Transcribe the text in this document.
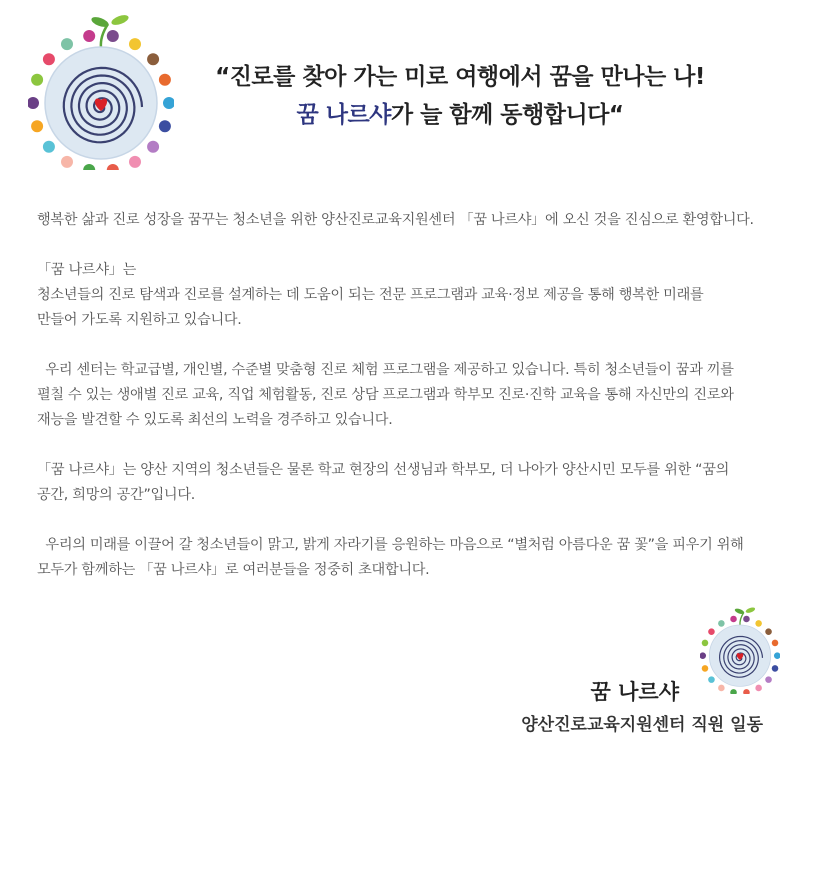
“진로를 찾아 가는 미로 여행에서 꿈을 만나는 나!
꿈 나르샤가 늘 함께 동행합니다“

행복한 삶과 진로 성장을 꿈꾸는 청소년을 위한 양산진로교육지원센터 「꿈 나르샤」에 오신 것을 진심으로 환영합니다.

「꿈 나르샤」는

청소년들의 진로 탐색과 진로를 설계하는 데 도움이 되는 전문 프로그램과 교육·정보 제공을 통해 행복한 미래를

만들어 가도록 지원하고 있습니다.

우리 센터는 학교급별, 개인별, 수준별 맞춤형 진로 체험 프로그램을 제공하고 있습니다. 특히 청소년들이 꿈과 끼를

펼칠 수 있는 생애별 진로 교육, 직업 체험활동, 진로 상담 프로그램과 학부모 진로·진학 교육을 통해 자신만의 진로와

재능을 발견할 수 있도록 최선의 노력을 경주하고 있습니다.

「꿈 나르샤」는 양산 지역의 청소년들은 물론 학교 현장의 선생님과 학부모, 더 나아가 양산시민 모두를 위한 “꿈의

공간, 희망의 공간”입니다.

우리의 미래를 이끌어 갈 청소년들이 맑고, 밝게 자라기를 응원하는 마음으로 “별처럼 아름다운 꿈 꽃”을 피우기 위해

모두가 함께하는 「꿈 나르샤」로 여러분들을 정중히 초대합니다.

꿈 나르샤
양산진로교육지원센터 직원 일동
